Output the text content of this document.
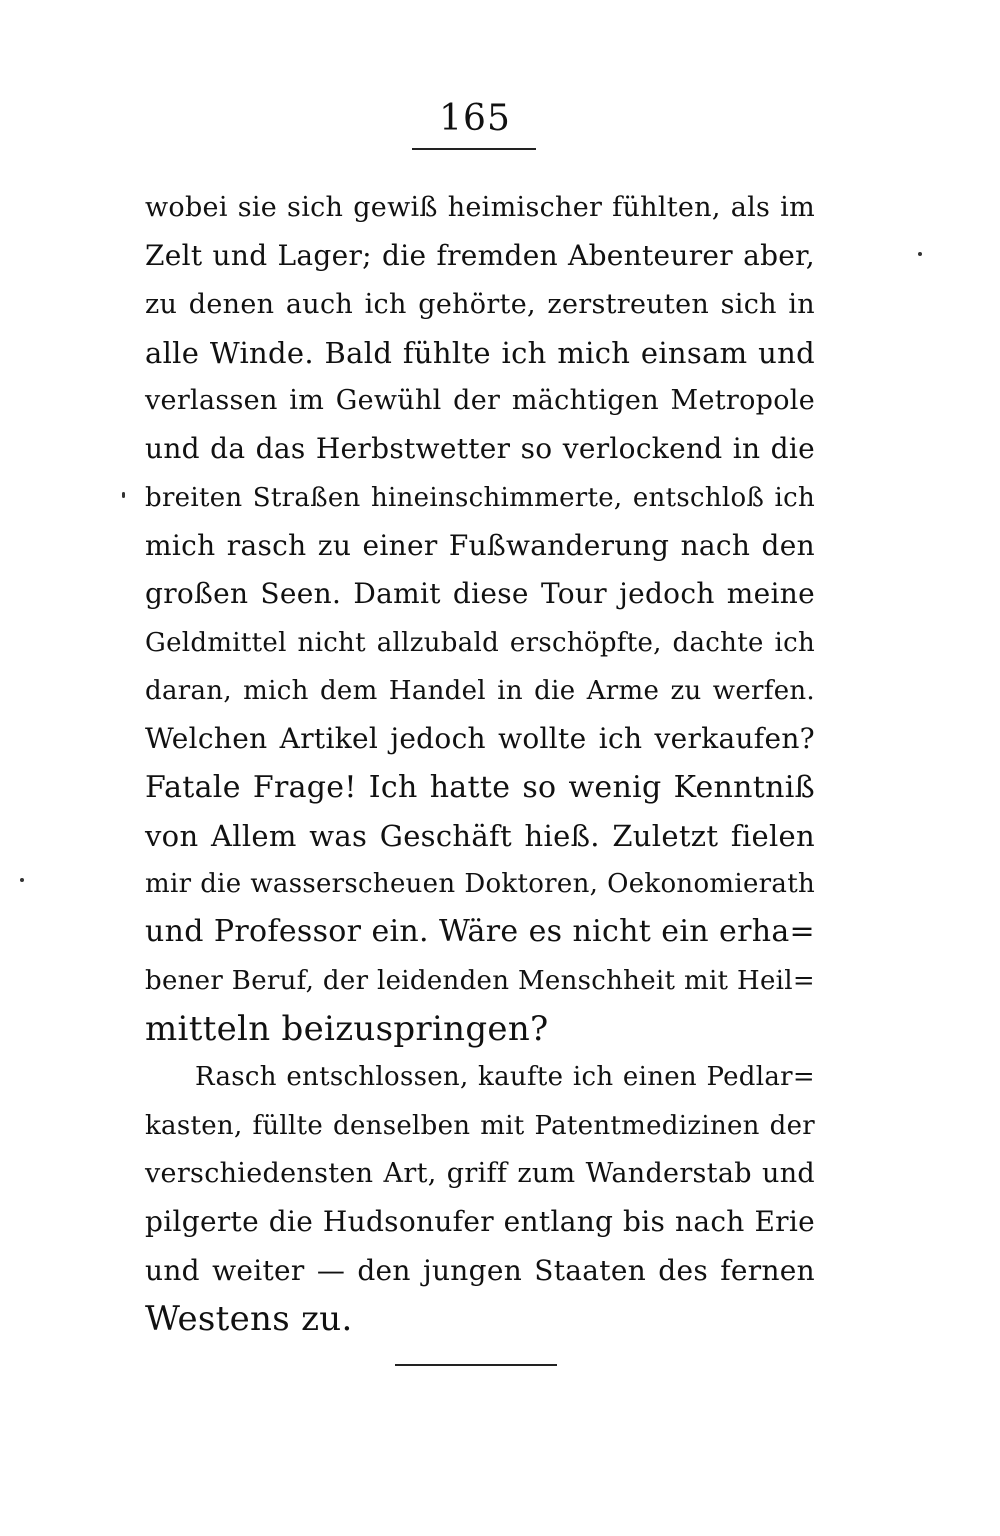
165
wobei sie sich gewiß heimischer fühlten, als im
Zelt und Lager; die fremden Abenteurer aber,
zu denen auch ich gehörte, zerstreuten sich in
alle Winde. Bald fühlte ich mich einsam und
verlassen im Gewühl der mächtigen Metropole
und da das Herbstwetter so verlockend in die
breiten Straßen hineinschimmerte, entschloß ich
mich rasch zu einer Fußwanderung nach den
großen Seen. Damit diese Tour jedoch meine
Geldmittel nicht allzubald erschöpfte, dachte ich
daran, mich dem Handel in die Arme zu werfen.
Welchen Artikel jedoch wollte ich verkaufen?
Fatale Frage! Ich hatte so wenig Kenntniß
von Allem was Geschäft hieß. Zuletzt fielen
mir die wasserscheuen Doktoren, Oekonomierath
und Professor ein. Wäre es nicht ein erha=
bener Beruf, der leidenden Menschheit mit Heil=
mitteln beizuspringen?
Rasch entschlossen, kaufte ich einen Pedlar=
kasten, füllte denselben mit Patentmedizinen der
verschiedensten Art, griff zum Wanderstab und
pilgerte die Hudsonufer entlang bis nach Erie
und weiter — den jungen Staaten des fernen
Westens zu.
